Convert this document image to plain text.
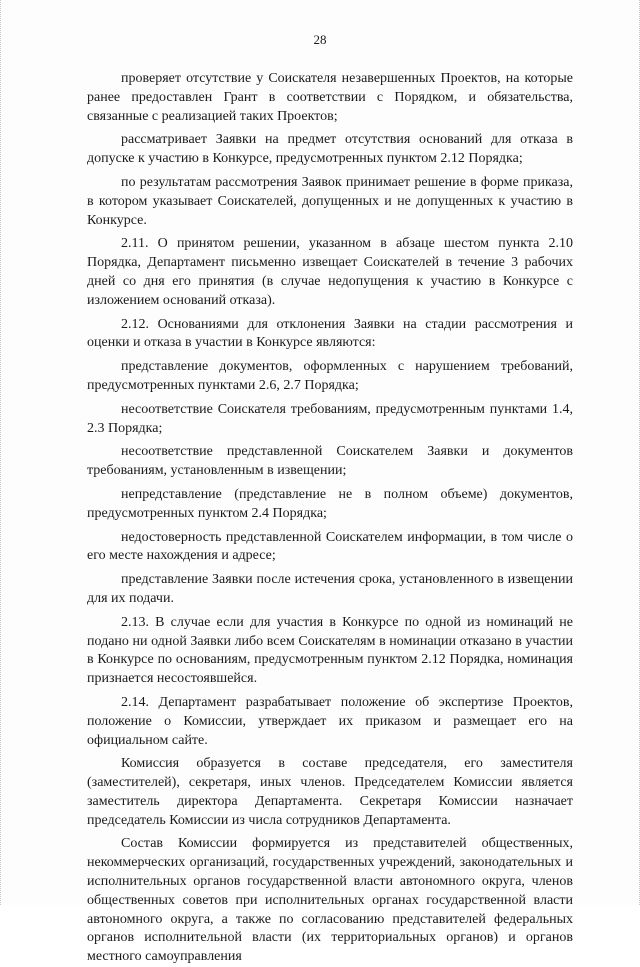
28

проверяет отсутствие у Соискателя незавершенных Проектов, на которые ранее предоставлен Грант в соответствии с Порядком, и обязательства, связанные с реализацией таких Проектов;

рассматривает Заявки на предмет отсутствия оснований для отказа в допуске к участию в Конкурсе, предусмотренных пунктом 2.12 Порядка;

по результатам рассмотрения Заявок принимает решение в форме приказа, в котором указывает Соискателей, допущенных и не допущенных к участию в Конкурсе.

2.11. О принятом решении, указанном в абзаце шестом пункта 2.10 Порядка, Департамент письменно извещает Соискателей в течение 3 рабочих дней со дня его принятия (в случае недопущения к участию в Конкурсе с изложением оснований отказа).

2.12. Основаниями для отклонения Заявки на стадии рассмотрения и оценки и отказа в участии в Конкурсе являются:

представление документов, оформленных с нарушением требований, предусмотренных пунктами 2.6, 2.7 Порядка;

несоответствие Соискателя требованиям, предусмотренным пунктами 1.4, 2.3 Порядка;

несоответствие представленной Соискателем Заявки и документов требованиям, установленным в извещении;

непредставление (представление не в полном объеме) документов, предусмотренных пунктом 2.4 Порядка;

недостоверность представленной Соискателем информации, в том числе о его месте нахождения и адресе;

представление Заявки после истечения срока, установленного в извещении для их подачи.

2.13. В случае если для участия в Конкурсе по одной из номинаций не подано ни одной Заявки либо всем Соискателям в номинации отказано в участии в Конкурсе по основаниям, предусмотренным пунктом 2.12 Порядка, номинация признается несостоявшейся.

2.14. Департамент разрабатывает положение об экспертизе Проектов, положение о Комиссии, утверждает их приказом и размещает его на официальном сайте.

Комиссия образуется в составе председателя, его заместителя (заместителей), секретаря, иных членов. Председателем Комиссии является заместитель директора Департамента. Секретаря Комиссии назначает председатель Комиссии из числа сотрудников Департамента.

Состав Комиссии формируется из представителей общественных, некоммерческих организаций, государственных учреждений, законодательных и исполнительных органов государственной власти автономного округа, членов общественных советов при исполнительных органах государственной власти автономного округа, а также по согласованию представителей федеральных органов исполнительной власти (их территориальных органов) и органов местного самоуправления
